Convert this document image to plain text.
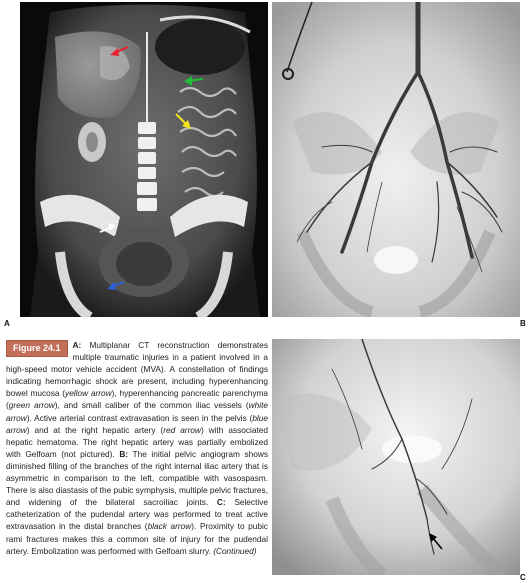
A	B
Figure 24.1	A: Multiplanar CT reconstruction demonstrates multiple traumatic injuries in a patient involved in a high-speed motor vehicle accident (MVA). A constellation of findings indicating hemorrhagic shock are present, including hyperenhancing bowel mucosa (yellow arrow), hyperenhancing pancreatic parenchyma (green arrow), and small caliber of the common iliac vessels (white arrow). Active arterial contrast extravasation is seen in the pelvis (blue arrow) and at the right hepatic artery (red arrow) with associated hepatic hematoma. The right hepatic artery was partially embolized with Gelfoam (not pictured). B: The initial pelvic angiogram shows diminished filling of the branches of the right internal iliac artery that is asymmetric in comparison to the left, compatible with vasospasm. There is also diastasis of the pubic symphysis, multiple pelvic fractures, and widening of the bilateral sacroiliac joints. C: Selective catheterization of the pudendal artery was performed to treat active extravasation in the distal branches (black arrow). Proximity to pubic rami fractures makes this a common site of injury for the pudendal artery. Embolization was performed with Gelfoam slurry. (Continued)
C
